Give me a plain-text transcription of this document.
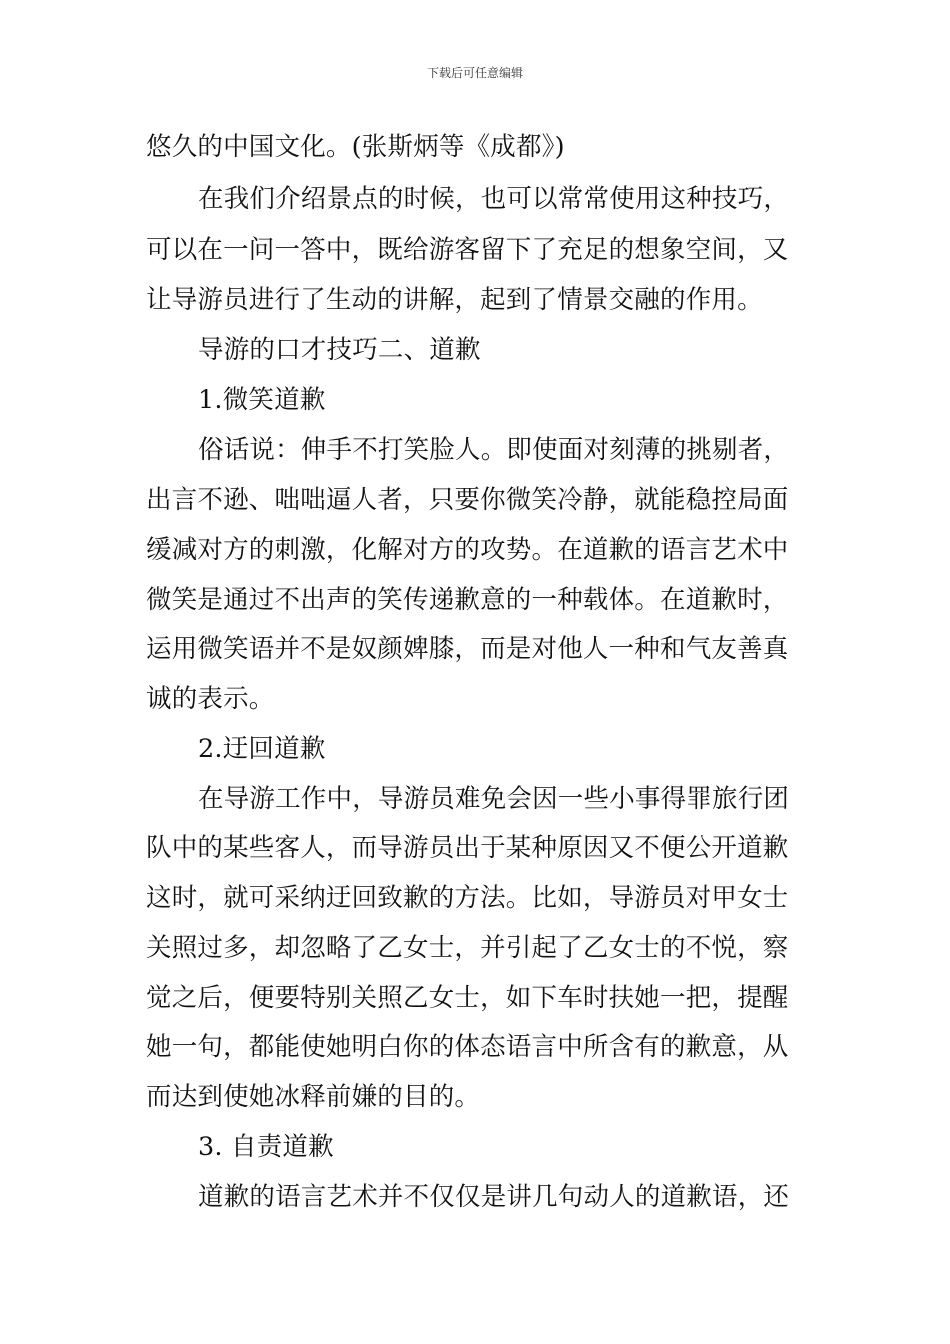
下载后可任意编辑
悠久的中国文化。(张斯炳等《成都》)
在我们介绍景点的时候，也可以常常使用这种技巧，
可以在一问一答中，既给游客留下了充足的想象空间，又
让导游员进行了生动的讲解，起到了情景交融的作用。
导游的口才技巧二、道歉
1.微笑道歉
俗话说：伸手不打笑脸人。即使面对刻薄的挑剔者，
出言不逊、咄咄逼人者，只要你微笑冷静，就能稳控局面
缓减对方的刺激，化解对方的攻势。在道歉的语言艺术中
微笑是通过不出声的笑传递歉意的一种载体。在道歉时，
运用微笑语并不是奴颜婢膝，而是对他人一种和气友善真
诚的表示。
2.迂回道歉
在导游工作中，导游员难免会因一些小事得罪旅行团
队中的某些客人，而导游员出于某种原因又不便公开道歉
这时，就可采纳迂回致歉的方法。比如，导游员对甲女士
关照过多，却忽略了乙女士，并引起了乙女士的不悦，察
觉之后，便要特别关照乙女士，如下车时扶她一把，提醒
她一句，都能使她明白你的体态语言中所含有的歉意，从
而达到使她冰释前嫌的目的。
3. 自责道歉
道歉的语言艺术并不仅仅是讲几句动人的道歉语，还
